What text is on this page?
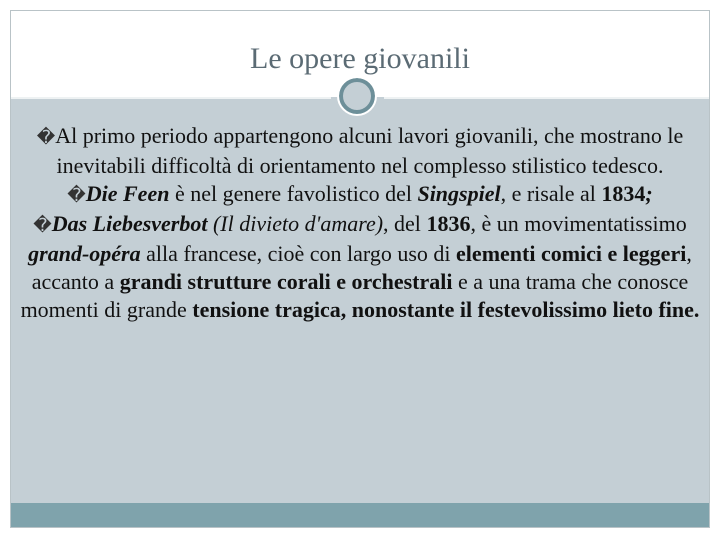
Le opere giovanili

�Al primo periodo appartengono alcuni lavori giovanili, che mostrano le inevitabili difficoltà di orientamento nel complesso stilistico tedesco.

�Die Feen è nel genere favolistico del Singspiel, e risale al 1834;

�Das Liebesverbot (Il divieto d'amare), del 1836, è un movimentatissimo grand-opéra alla francese, cioè con largo uso di elementi comici e leggeri, accanto a grandi strutture corali e orchestrali e a una trama che conosce momenti di grande tensione tragica, nonostante il festevolissimo lieto fine.
